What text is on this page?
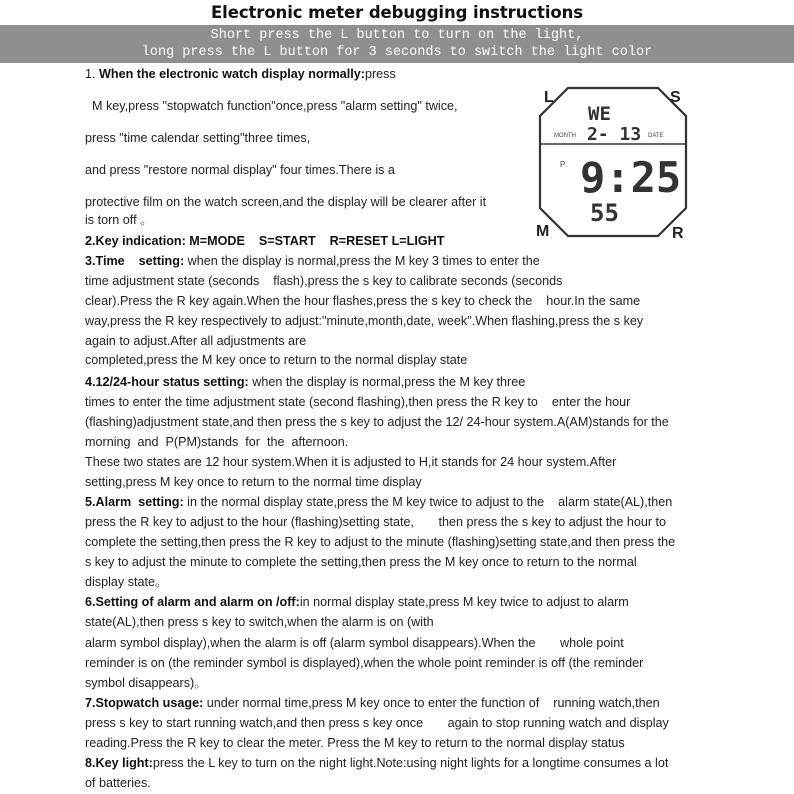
Electronic meter debugging instructions
Short press the L button to turn on the light,
long press the L button for 3 seconds to switch the light color
L	S
M	R
WE
MONTH 2- 13 DATE
P 9:25
55
1. When the electronic watch display normally:press
M key,press "stopwatch function"once,press "alarm setting" twice,
press "time calendar setting"three times,
and press "restore normal display" four times.There is a
protective film on the watch screen,and the display will be clearer after it
is torn off 。
2.Key indication: M=MODE    S=START    R=RESET L=LIGHT
3.Time    setting: when the display is normal,press the M key 3 times to enter the
time adjustment state (seconds    flash),press the s key to calibrate seconds (seconds
clear).Press the R key again.When the hour flashes,press the s key to check the    hour.In the same
way,press the R key respectively to adjust:"minute,month,date, week".When flashing,press the s key
again to adjust.After all adjustments are
completed,press the M key once to return to the normal display state
4.12/24-hour status setting: when the display is normal,press the M key three
times to enter the time adjustment state (second flashing),then press the R key to    enter the hour
(flashing)adjustment state,and then press the s key to adjust the 12/ 24-hour system.A(AM)stands for the
morning  and  P(PM)stands  for  the  afternoon.
These two states are 12 hour system.When it is adjusted to H,it stands for 24 hour system.After
setting,press M key once to return to the normal time display
5.Alarm  setting: in the normal display state,press the M key twice to adjust to the    alarm state(AL),then
press the R key to adjust to the hour (flashing)setting state,       then press the s key to adjust the hour to
complete the setting,then press the R key to adjust to the minute (flashing)setting state,and then press the
s key to adjust the minute to complete the setting,then press the M key once to return to the normal
display state。
6.Setting of alarm and alarm on /off:in normal display state,press M key twice to adjust to alarm
state(AL),then press s key to switch,when the alarm is on (with
alarm symbol display),when the alarm is off (alarm symbol disappears).When the       whole point
reminder is on (the reminder symbol is displayed),when the whole point reminder is off (the reminder
symbol disappears)。
7.Stopwatch usage: under normal time,press M key once to enter the function of    running watch,then
press s key to start running watch,and then press s key once       again to stop running watch and display
reading.Press the R key to clear the meter. Press the M key to return to the normal display status
8.Key light:press the L key to turn on the night light.Note:using night lights for a longtime consumes a lot
of batteries.
